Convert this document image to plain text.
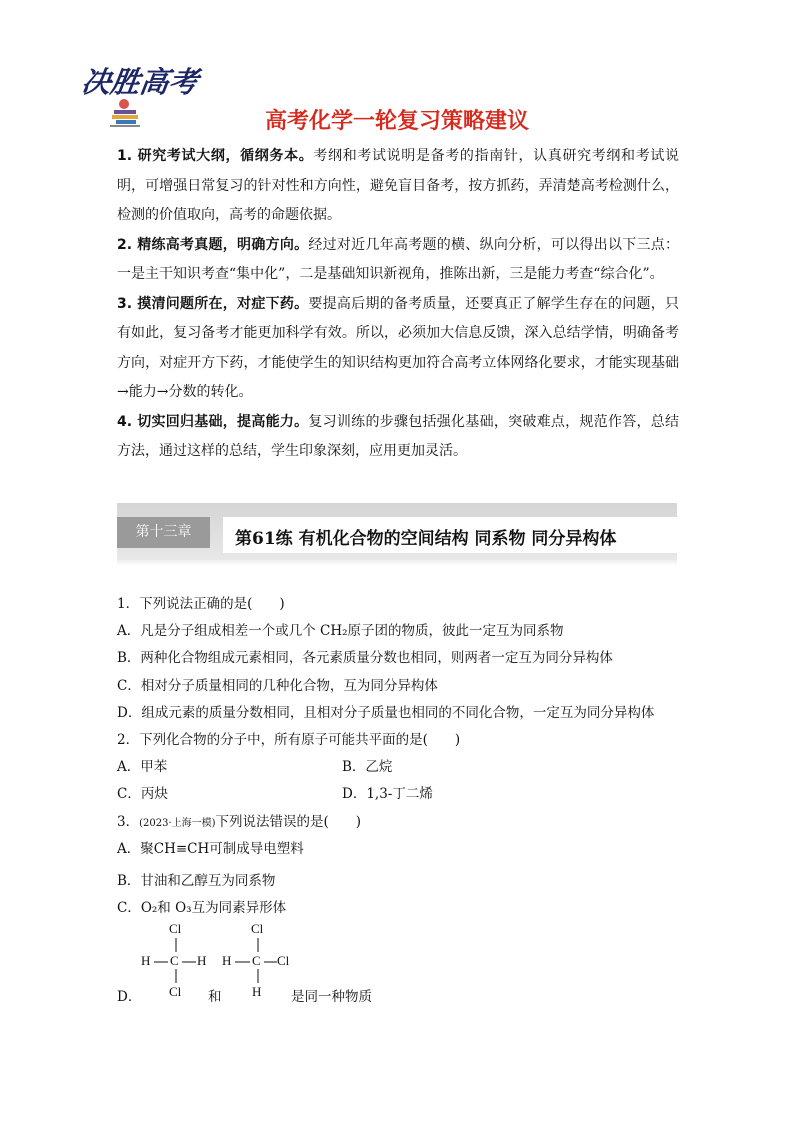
决胜高考
高考化学一轮复习策略建议

1. 研究考试大纲，循纲务本。考纲和考试说明是备考的指南针，认真研究考纲和考试说明，可增强日常复习的针对性和方向性，避免盲目备考，按方抓药，弄清楚高考检测什么，检测的价值取向，高考的命题依据。

2. 精练高考真题，明确方向。经过对近几年高考题的横、纵向分析，可以得出以下三点：一是主干知识考查“集中化”，二是基础知识新视角，推陈出新，三是能力考查“综合化”。

3. 摸清问题所在，对症下药。要提高后期的备考质量，还要真正了解学生存在的问题，只有如此，复习备考才能更加科学有效。所以，必须加大信息反馈，深入总结学情，明确备考方向，对症开方下药，才能使学生的知识结构更加符合高考立体网络化要求，才能实现基础→能力→分数的转化。

4. 切实回归基础，提高能力。复习训练的步骤包括强化基础，突破难点，规范作答，总结方法，通过这样的总结，学生印象深刻，应用更加灵活。

第十三章	第61练 有机化合物的空间结构 同系物 同分异构体
1．下列说法正确的是(　　)
A．凡是分子组成相差一个或几个 CH₂原子团的物质，彼此一定互为同系物
B．两种化合物组成元素相同，各元素质量分数也相同，则两者一定互为同分异构体
C．相对分子质量相同的几种化合物，互为同分异构体
D．组成元素的质量分数相同，且相对分子质量也相同的不同化合物，一定互为同分异构体
2．下列化合物的分子中，所有原子可能共平面的是(　　)
A．甲苯	B．乙烷
C．丙炔	D．1,3-丁二烯
3．(2023·上海一模)下列说法错误的是(　　)
A．聚CH≡CH可制成导电塑料
B．甘油和乙醇互为同系物
C．O₂和 O₃互为同素异形体
Cl
H C H
Cl
Cl
H C Cl
H
D．	和	是同一种物质
